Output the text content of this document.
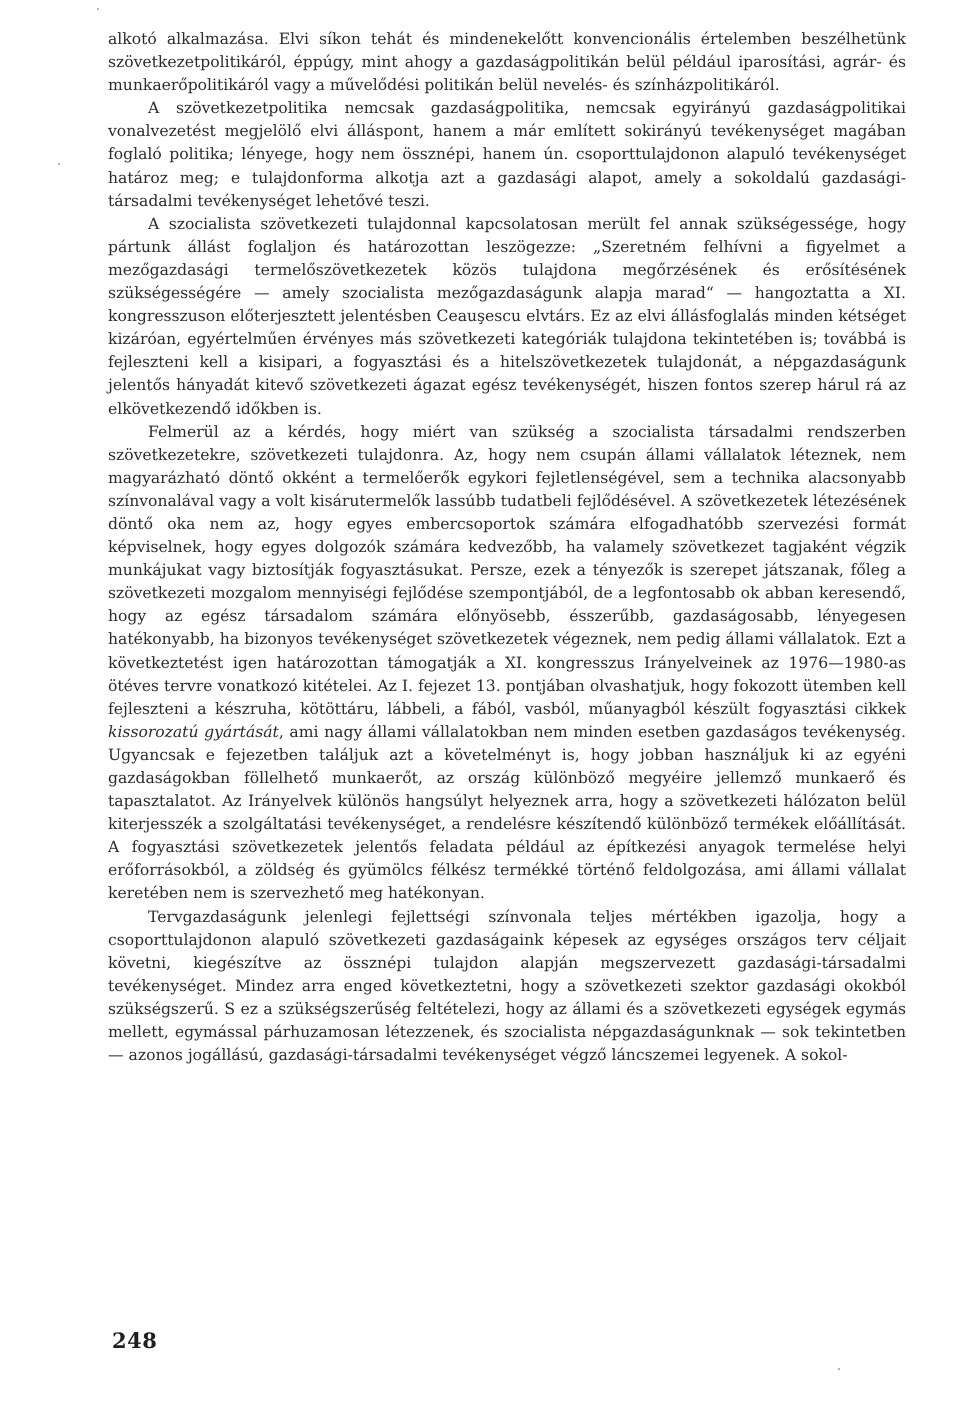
alkotó alkalmazása. Elvi síkon tehát és mindenekelőtt konvencionális értelemben beszélhetünk szövetkezetpolitikáról, éppúgy, mint ahogy a gazdaságpolitikán belül például iparosítási, agrár- és munkaerőpolitikáról vagy a művelődési politikán belül nevelés- és színházpolitikáról.

A szövetkezetpolitika nemcsak gazdaságpolitika, nemcsak egyirányú gazdaságpolitikai vonalvezetést megjelölő elvi álláspont, hanem a már említett sokirányú tevékenységet magában foglaló politika; lényege, hogy nem össznépi, hanem ún. csoporttulajdonon alapuló tevékenységet határoz meg; e tulajdonforma alkotja azt a gazdasági alapot, amely a sokoldalú gazdasági-társadalmi tevékenységet lehetővé teszi.

A szocialista szövetkezeti tulajdonnal kapcsolatosan merült fel annak szükségessége, hogy pártunk állást foglaljon és határozottan leszögezze: „Szeretném felhívni a figyelmet a mezőgazdasági termelőszövetkezetek közös tulajdona megőrzésének és erősítésének szükségességére — amely szocialista mezőgazdaságunk alapja marad“ — hangoztatta a XI. kongresszuson előterjesztett jelentésben Ceauşescu elvtárs. Ez az elvi állásfoglalás minden kétséget kizáróan, egyértelműen érvényes más szövetkezeti kategóriák tulajdona tekintetében is; továbbá is fejleszteni kell a kisipari, a fogyasztási és a hitelszövetkezetek tulajdonát, a népgazdaságunk jelentős hányadát kitevő szövetkezeti ágazat egész tevékenységét, hiszen fontos szerep hárul rá az elkövetkezendő időkben is.

Felmerül az a kérdés, hogy miért van szükség a szocialista társadalmi rendszerben szövetkezetekre, szövetkezeti tulajdonra. Az, hogy nem csupán állami vállalatok léteznek, nem magyarázható döntő okként a termelőerők egykori fejletlenségével, sem a technika alacsonyabb színvonalával vagy a volt kisárutermelők lassúbb tudatbeli fejlődésével. A szövetkezetek létezésének döntő oka nem az, hogy egyes embercsoportok számára elfogadhatóbb szervezési formát képviselnek, hogy egyes dolgozók számára kedvezőbb, ha valamely szövetkezet tagjaként végzik munkájukat vagy biztosítják fogyasztásukat. Persze, ezek a tényezők is szerepet játszanak, főleg a szövetkezeti mozgalom mennyiségi fejlődése szempontjából, de a legfontosabb ok abban keresendő, hogy az egész társadalom számára előnyösebb, ésszerűbb, gazdaságosabb, lényegesen hatékonyabb, ha bizonyos tevékenységet szövetkezetek végeznek, nem pedig állami vállalatok. Ezt a következtetést igen határozottan támogatják a XI. kongresszus Irányelveinek az 1976—1980-as ötéves tervre vonatkozó kitételei. Az I. fejezet 13. pontjában olvashatjuk, hogy fokozott ütemben kell fejleszteni a készruha, kötöttáru, lábbeli, a fából, vasból, műanyagból készült fogyasztási cikkek kissorozatú gyártását, ami nagy állami vállalatokban nem minden esetben gazdaságos tevékenység. Ugyancsak e fejezetben találjuk azt a követelményt is, hogy jobban használjuk ki az egyéni gazdaságokban föllelhető munkaerőt, az ország különböző megyéire jellemző munkaerő és tapasztalatot. Az Irányelvek különös hangsúlyt helyeznek arra, hogy a szövetkezeti hálózaton belül kiterjesszék a szolgáltatási tevékenységet, a rendelésre készítendő különböző termékek előállítását. A fogyasztási szövetkezetek jelentős feladata például az építkezési anyagok termelése helyi erőforrásokból, a zöldség és gyümölcs félkész termékké történő feldolgozása, ami állami vállalat keretében nem is szervezhető meg hatékonyan.

Tervgazdaságunk jelenlegi fejlettségi színvonala teljes mértékben igazolja, hogy a csoporttulajdonon alapuló szövetkezeti gazdaságaink képesek az egységes országos terv céljait követni, kiegészítve az össznépi tulajdon alapján megszervezett gazdasági-társadalmi tevékenységet. Mindez arra enged következtetni, hogy a szövetkezeti szektor gazdasági okokból szükségszerű. S ez a szükségszerűség feltételezi, hogy az állami és a szövetkezeti egységek egymás mellett, egymással párhuzamosan létezzenek, és szocialista népgazdaságunknak — sok tekintetben — azonos jogállású, gazdasági-társadalmi tevékenységet végző láncszemei legyenek. A sokol-

248
